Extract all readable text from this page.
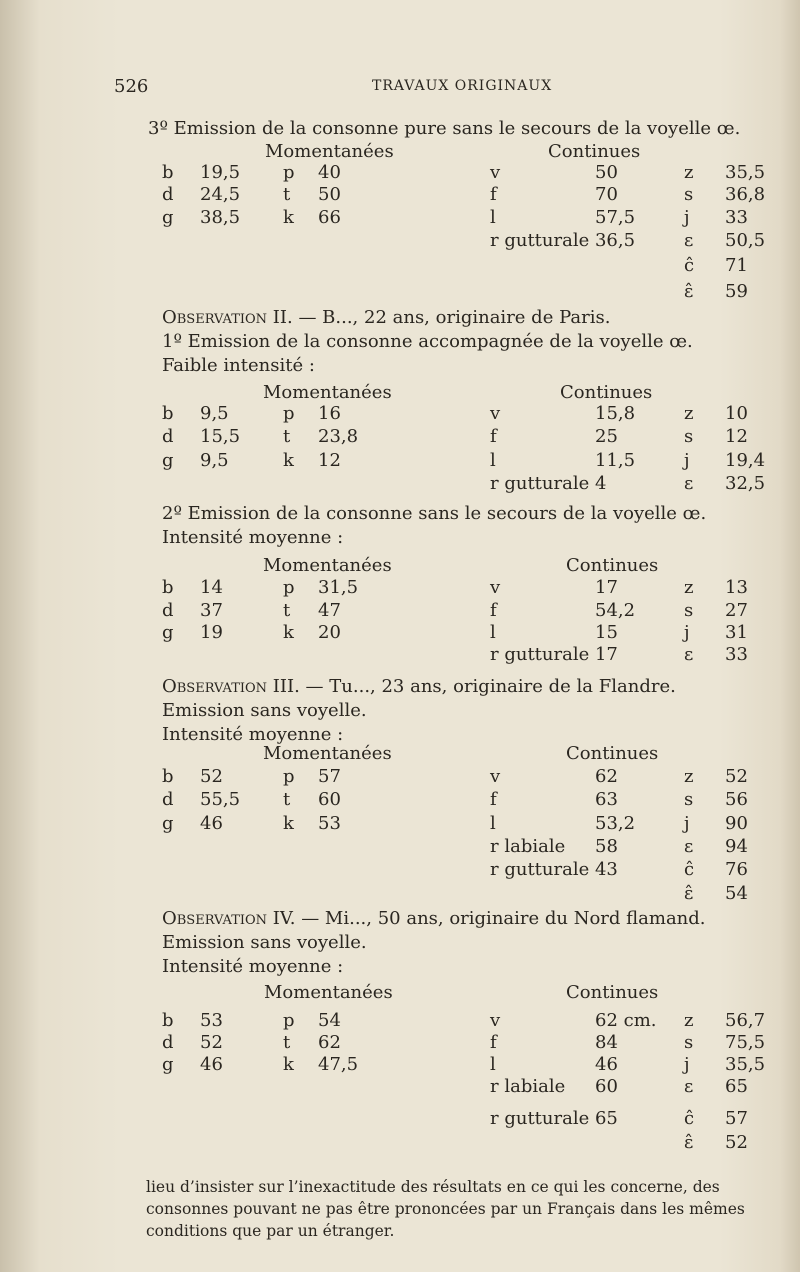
526	TRAVAUX ORIGINAUX
3º Emission de la consonne pure sans le secours de la voyelle œ.
Momentanées	Continues
b 19,5 p 40	v	50	z 35,5
d 24,5 t 50	f	70	s 36,8
g 38,5 k 66	l	57,5	j 33
r gutturale 36,5	ɛ 50,5
ĉ 71
ɛ̂ 59
Observation II. — B..., 22 ans, originaire de Paris.
1º Emission de la consonne accompagnée de la voyelle œ.
Faible intensité :
Momentanées	Continues
b 9,5	p 16	v	15,8	z 10
d 15,5 t 23,8	f	25	s 12
g 9,5	k 12	l	11,5	j 19,4
r gutturale 4	ɛ 32,5
2º Emission de la consonne sans le secours de la voyelle œ.
Intensité moyenne :
Momentanées	Continues
b 14	p 31,5	v	17	z 13
d 37	t 47	f	54,2	s 27
g 19	k 20	l	15	j 31
r gutturale 17	ɛ 33
Observation III. — Tu..., 23 ans, originaire de la Flandre.
Emission sans voyelle.
Intensité moyenne :
Momentanées	Continues
b 52	p 57	v	62	z 52
d 55,5 t 60	f	63	s 56
g 46	k 53	l	53,2	j 90
r labiale 58	ɛ 94
r gutturale 43	ĉ 76
ɛ̂ 54
Observation IV. — Mi..., 50 ans, originaire du Nord flamand.
Emission sans voyelle.
Intensité moyenne :
Momentanées	Continues
b 53	p 54	v	62 cm. z 56,7
d 52	t 62	f	84	s 75,5
g 46	k 47,5	l	46	j 35,5
r labiale 60	ɛ 65
r gutturale 65	ĉ 57
ɛ̂ 52
lieu d’insister sur l’inexactitude des résultats en ce qui les concerne, des consonnes pouvant ne pas être prononcées par un Français dans les mêmes conditions que par un étranger.
